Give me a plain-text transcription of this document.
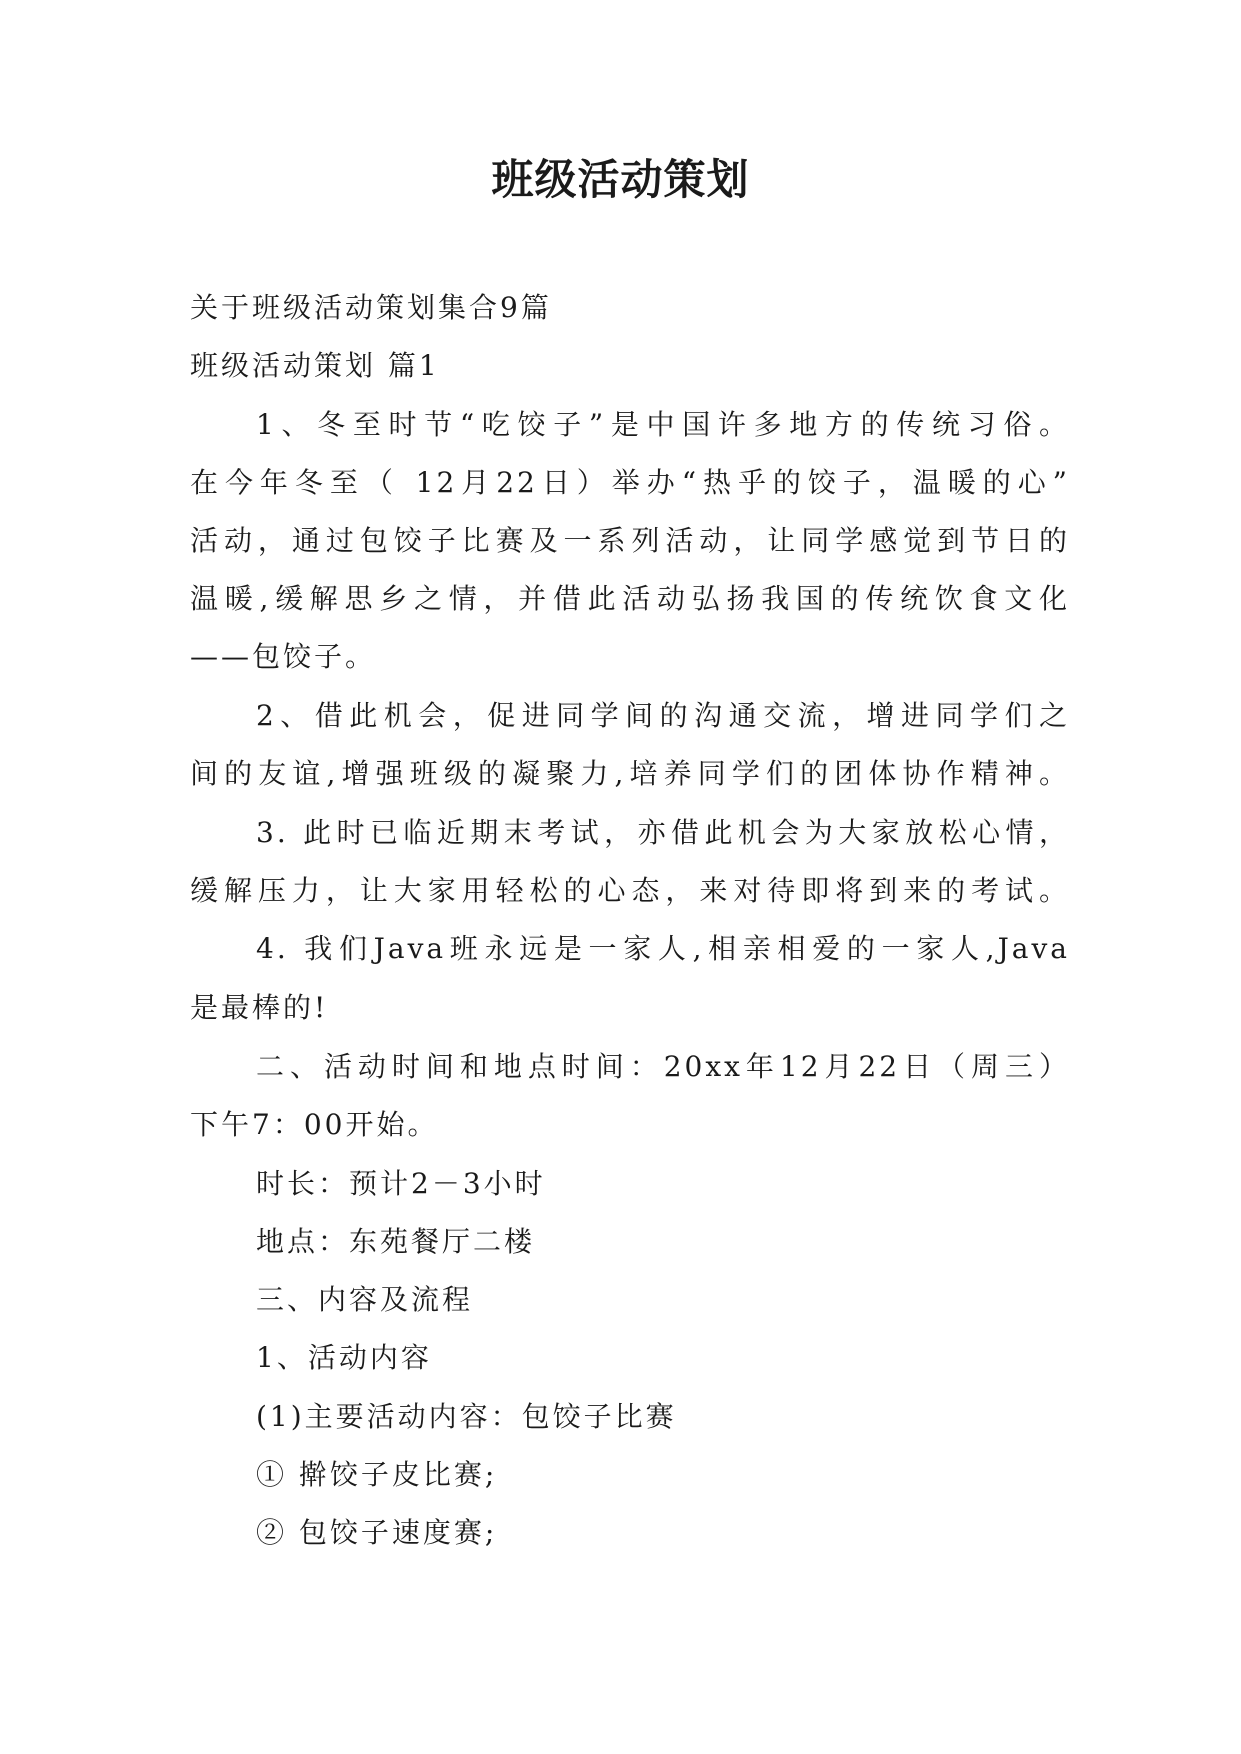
班级活动策划

关于班级活动策划集合9篇

班级活动策划 篇1

1、冬至时节“吃饺子”是中国许多地方的传统习俗。

在今年冬至（ 12月22日）举办“热乎的饺子，温暖的心”

活动，通过包饺子比赛及一系列活动，让同学感觉到节日的

温暖,缓解思乡之情，并借此活动弘扬我国的传统饮食文化

——包饺子。

2、借此机会，促进同学间的沟通交流，增进同学们之

间的友谊,增强班级的凝聚力,培养同学们的团体协作精神。

3. 此时已临近期末考试，亦借此机会为大家放松心情，

缓解压力，让大家用轻松的心态，来对待即将到来的考试。

4. 我们Java班永远是一家人,相亲相爱的一家人,Java

是最棒的!

二、活动时间和地点时间：20xx年12月22日（周三）

下午7：00开始。

时长：预计2－3小时

地点：东苑餐厅二楼

三、内容及流程

1、活动内容

(1)主要活动内容：包饺子比赛

① 擀饺子皮比赛;

② 包饺子速度赛;
